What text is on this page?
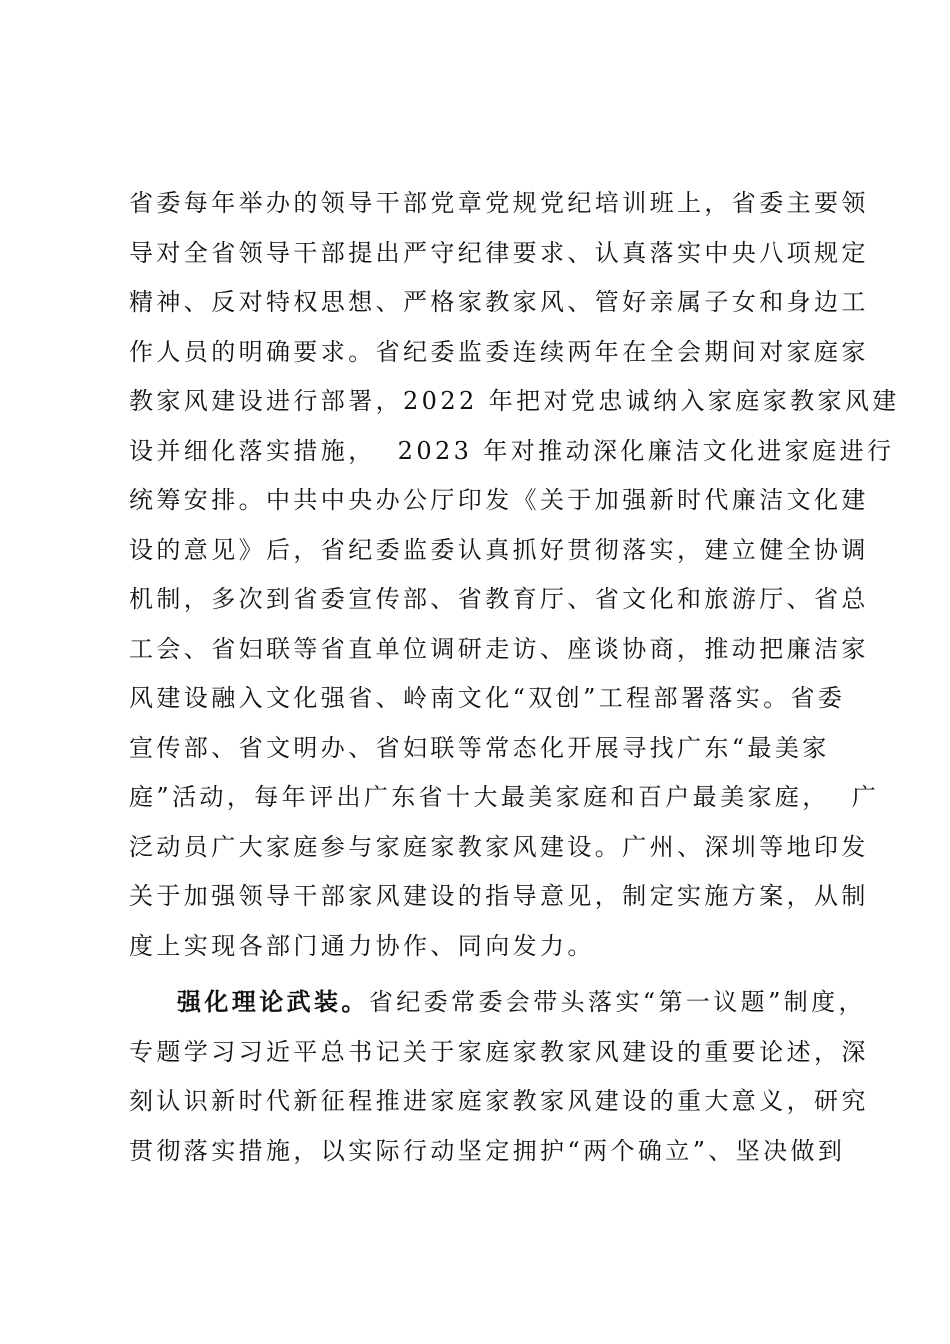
省委每年举办的领导干部党章党规党纪培训班上，省委主要领
导对全省领导干部提出严守纪律要求、认真落实中央八项规定
精神、反对特权思想、严格家教家风、管好亲属子女和身边工
作人员的明确要求。省纪委监委连续两年在全会期间对家庭家
教家风建设进行部署，2022 年把对党忠诚纳入家庭家教家风建
设并细化落实措施，  2023 年对推动深化廉洁文化进家庭进行
统筹安排。中共中央办公厅印发《关于加强新时代廉洁文化建
设的意见》后，省纪委监委认真抓好贯彻落实，建立健全协调
机制，多次到省委宣传部、省教育厅、省文化和旅游厅、省总
工会、省妇联等省直单位调研走访、座谈协商，推动把廉洁家
风建设融入文化强省、岭南文化“双创”工程部署落实。省委
宣传部、省文明办、省妇联等常态化开展寻找广东“最美家
庭”活动，每年评出广东省十大最美家庭和百户最美家庭，  广
泛动员广大家庭参与家庭家教家风建设。广州、深圳等地印发
关于加强领导干部家风建设的指导意见，制定实施方案，从制
度上实现各部门通力协作、同向发力。
强化理论武装。省纪委常委会带头落实“第一议题”制度，
专题学习习近平总书记关于家庭家教家风建设的重要论述，深
刻认识新时代新征程推进家庭家教家风建设的重大意义，研究
贯彻落实措施，以实际行动坚定拥护“两个确立”、坚决做到
